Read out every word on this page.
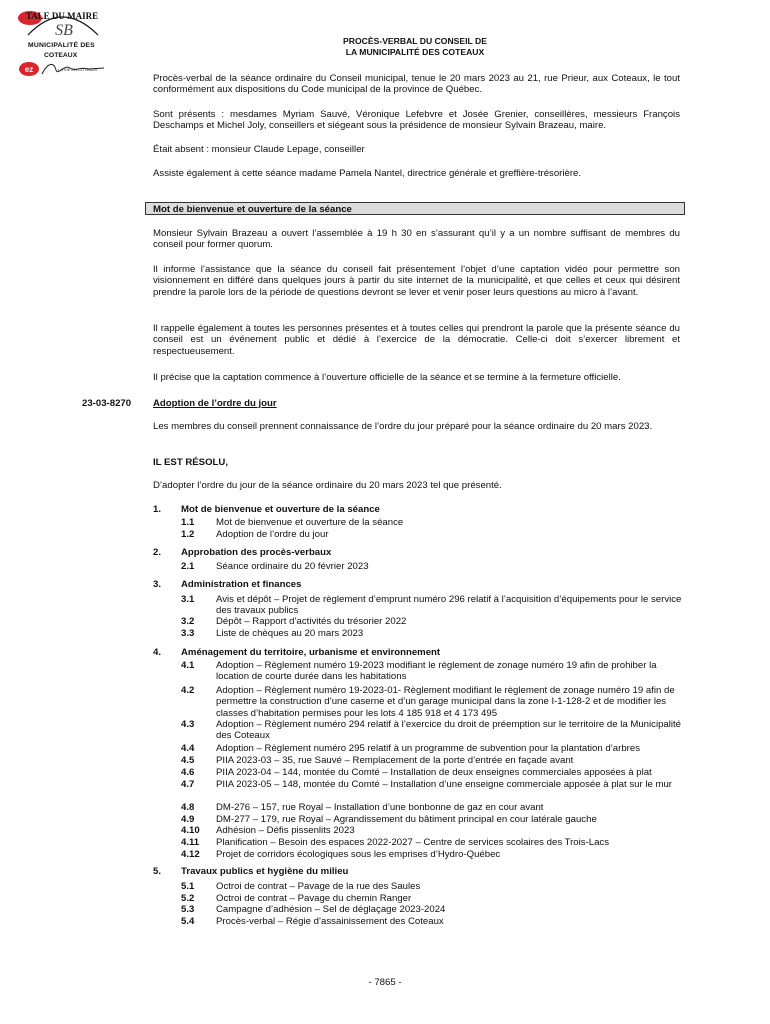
TALE DU MAIRE
SB
MUNICIPALITÉ DES
COTEAUX
ez	LA VIE EN COTEAUX
PROCÈS-VERBAL DU CONSEIL DE
LA MUNICIPALITÉ DES COTEAUX
Procès-verbal de la séance ordinaire du Conseil municipal, tenue le 20 mars 2023 au 21, rue Prieur, aux Coteaux, le tout conformément aux dispositions du Code municipal de la province de Québec.
Sont présents : mesdames Myriam Sauvé, Véronique Lefebvre et Josée Grenier, conseillères, messieurs François Deschamps et Michel Joly, conseillers et siégeant sous la présidence de monsieur Sylvain Brazeau, maire.
Était absent : monsieur Claude Lepage, conseiller
Assiste également à cette séance madame Pamela Nantel, directrice générale et greffière-trésorière.
Mot de bienvenue et ouverture de la séance
Monsieur Sylvain Brazeau a ouvert l’assemblée à 19 h 30 en s’assurant qu’il y a un nombre suffisant de membres du conseil pour former quorum.
Il informe l’assistance que la séance du conseil fait présentement l’objet d’une captation vidéo pour permettre son visionnement en différé dans quelques jours à partir du site internet de la municipalité, et que celles et ceux qui désirent prendre la parole lors de la période de questions devront se lever et venir poser leurs questions au micro à l’avant.
Il rappelle également à toutes les personnes présentes et à toutes celles qui prendront la parole que la présente séance du conseil est un événement public et dédié à l’exercice de la démocratie. Celle-ci doit s’exercer librement et respectueusement.
Il précise que la captation commence à l’ouverture officielle de la séance et se termine à la fermeture officielle.
23-03-8270 Adoption de l’ordre du jour
Les membres du conseil prennent connaissance de l’ordre du jour préparé pour la séance ordinaire du 20 mars 2023.
IL EST RÉSOLU,
D’adopter l’ordre du jour de la séance ordinaire du 20 mars 2023 tel que présenté.
1. Mot de bienvenue et ouverture de la séance
1.1 Mot de bienvenue et ouverture de la séance
1.2 Adoption de l’ordre du jour
2. Approbation des procès-verbaux
2.1 Séance ordinaire du 20 février 2023
3. Administration et finances
3.1 Avis et dépôt – Projet de règlement d’emprunt numéro 296 relatif à l’acquisition d’équipements pour le service des travaux publics
3.2 Dépôt – Rapport d’activités du trésorier 2022
3.3 Liste de chèques au 20 mars 2023
4. Aménagement du territoire, urbanisme et environnement
4.1 Adoption – Règlement numéro 19-2023 modifiant le règlement de zonage numéro 19 afin de prohiber la location de courte durée dans les habitations
4.2 Adoption – Règlement numéro 19-2023-01- Règlement modifiant le règlement de zonage numéro 19 afin de permettre la construction d’une caserne et d’un garage municipal dans la zone I-1-128-2 et de modifier les classes d’habitation permises pour les lots 4 185 918 et 4 173 495
4.3 Adoption – Règlement numéro 294 relatif à l’exercice du droit de préemption sur le territoire de la Municipalité des Coteaux
4.4 Adoption – Règlement numéro 295 relatif à un programme de subvention pour la plantation d’arbres
4.5 PIIA 2023-03 – 35, rue Sauvé – Remplacement de la porte d’entrée en façade avant
4.6 PIIA 2023-04 – 144, montée du Comté – Installation de deux enseignes commerciales apposées à plat
4.7 PIIA 2023-05 – 148, montée du Comté – Installation d’une enseigne commerciale apposée à plat sur le mur
4.8 DM-276 – 157, rue Royal – Installation d’une bonbonne de gaz en cour avant
4.9 DM-277 – 179, rue Royal – Agrandissement du bâtiment principal en cour latérale gauche
4.10 Adhésion – Défis pissenlits 2023
4.11 Planification – Besoin des espaces 2022-2027 – Centre de services scolaires des Trois-Lacs
4.12 Projet de corridors écologiques sous les emprises d’Hydro-Québec
5. Travaux publics et hygiène du milieu
5.1 Octroi de contrat – Pavage de la rue des Saules
5.2 Octroi de contrat – Pavage du chemin Ranger
5.3 Campagne d’adhésion – Sel de déglaçage 2023-2024
5.4 Procès-verbal – Régie d’assainissement des Coteaux
- 7865 -
